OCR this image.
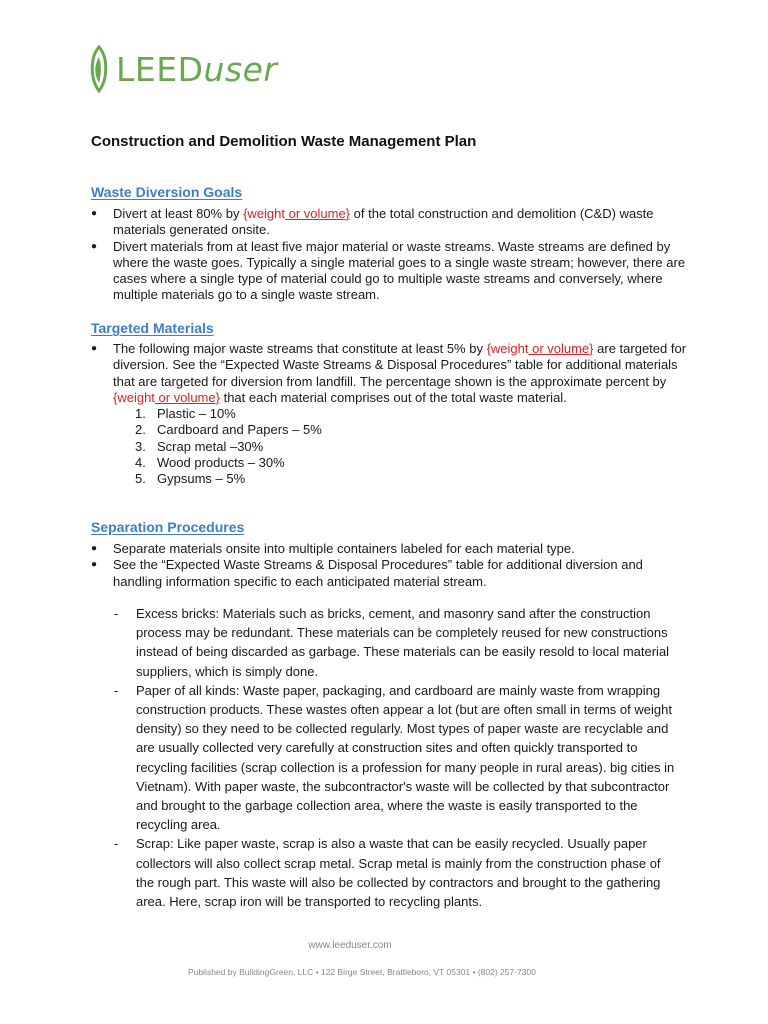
LEEDuser
Construction and Demolition Waste Management Plan
Waste Diversion Goals
● Divert at least 80% by {weight or volume} of the total construction and demolition (C&D) waste materials generated onsite.
● Divert materials from at least five major material or waste streams. Waste streams are defined by where the waste goes. Typically a single material goes to a single waste stream; however, there are cases where a single type of material could go to multiple waste streams and conversely, where multiple materials go to a single waste stream.
Targeted Materials
● The following major waste streams that constitute at least 5% by {weight or volume} are targeted for diversion. See the “Expected Waste Streams & Disposal Procedures” table for additional materials that are targeted for diversion from landfill. The percentage shown is the approximate percent by {weight or volume} that each material comprises out of the total waste material.
1. Plastic – 10%
2. Cardboard and Papers – 5%
3. Scrap metal –30%
4. Wood products – 30%
5. Gypsums – 5%
Separation Procedures
● Separate materials onsite into multiple containers labeled for each material type.
● See the “Expected Waste Streams & Disposal Procedures” table for additional diversion and handling information specific to each anticipated material stream.
- Excess bricks: Materials such as bricks, cement, and masonry sand after the construction process may be redundant. These materials can be completely reused for new constructions instead of being discarded as garbage. These materials can be easily resold to local material suppliers, which is simply done.
- Paper of all kinds: Waste paper, packaging, and cardboard are mainly waste from wrapping construction products. These wastes often appear a lot (but are often small in terms of weight density) so they need to be collected regularly. Most types of paper waste are recyclable and are usually collected very carefully at construction sites and often quickly transported to recycling facilities (scrap collection is a profession for many people in rural areas). big cities in Vietnam). With paper waste, the subcontractor's waste will be collected by that subcontractor and brought to the garbage collection area, where the waste is easily transported to the recycling area.
- Scrap: Like paper waste, scrap is also a waste that can be easily recycled. Usually paper collectors will also collect scrap metal. Scrap metal is mainly from the construction phase of the rough part. This waste will also be collected by contractors and brought to the gathering area. Here, scrap iron will be transported to recycling plants.
www.leeduser.com
Published by BuildingGreen, LLC • 122 Birge Street, Brattleboro, VT 05301 • (802) 257-7300
